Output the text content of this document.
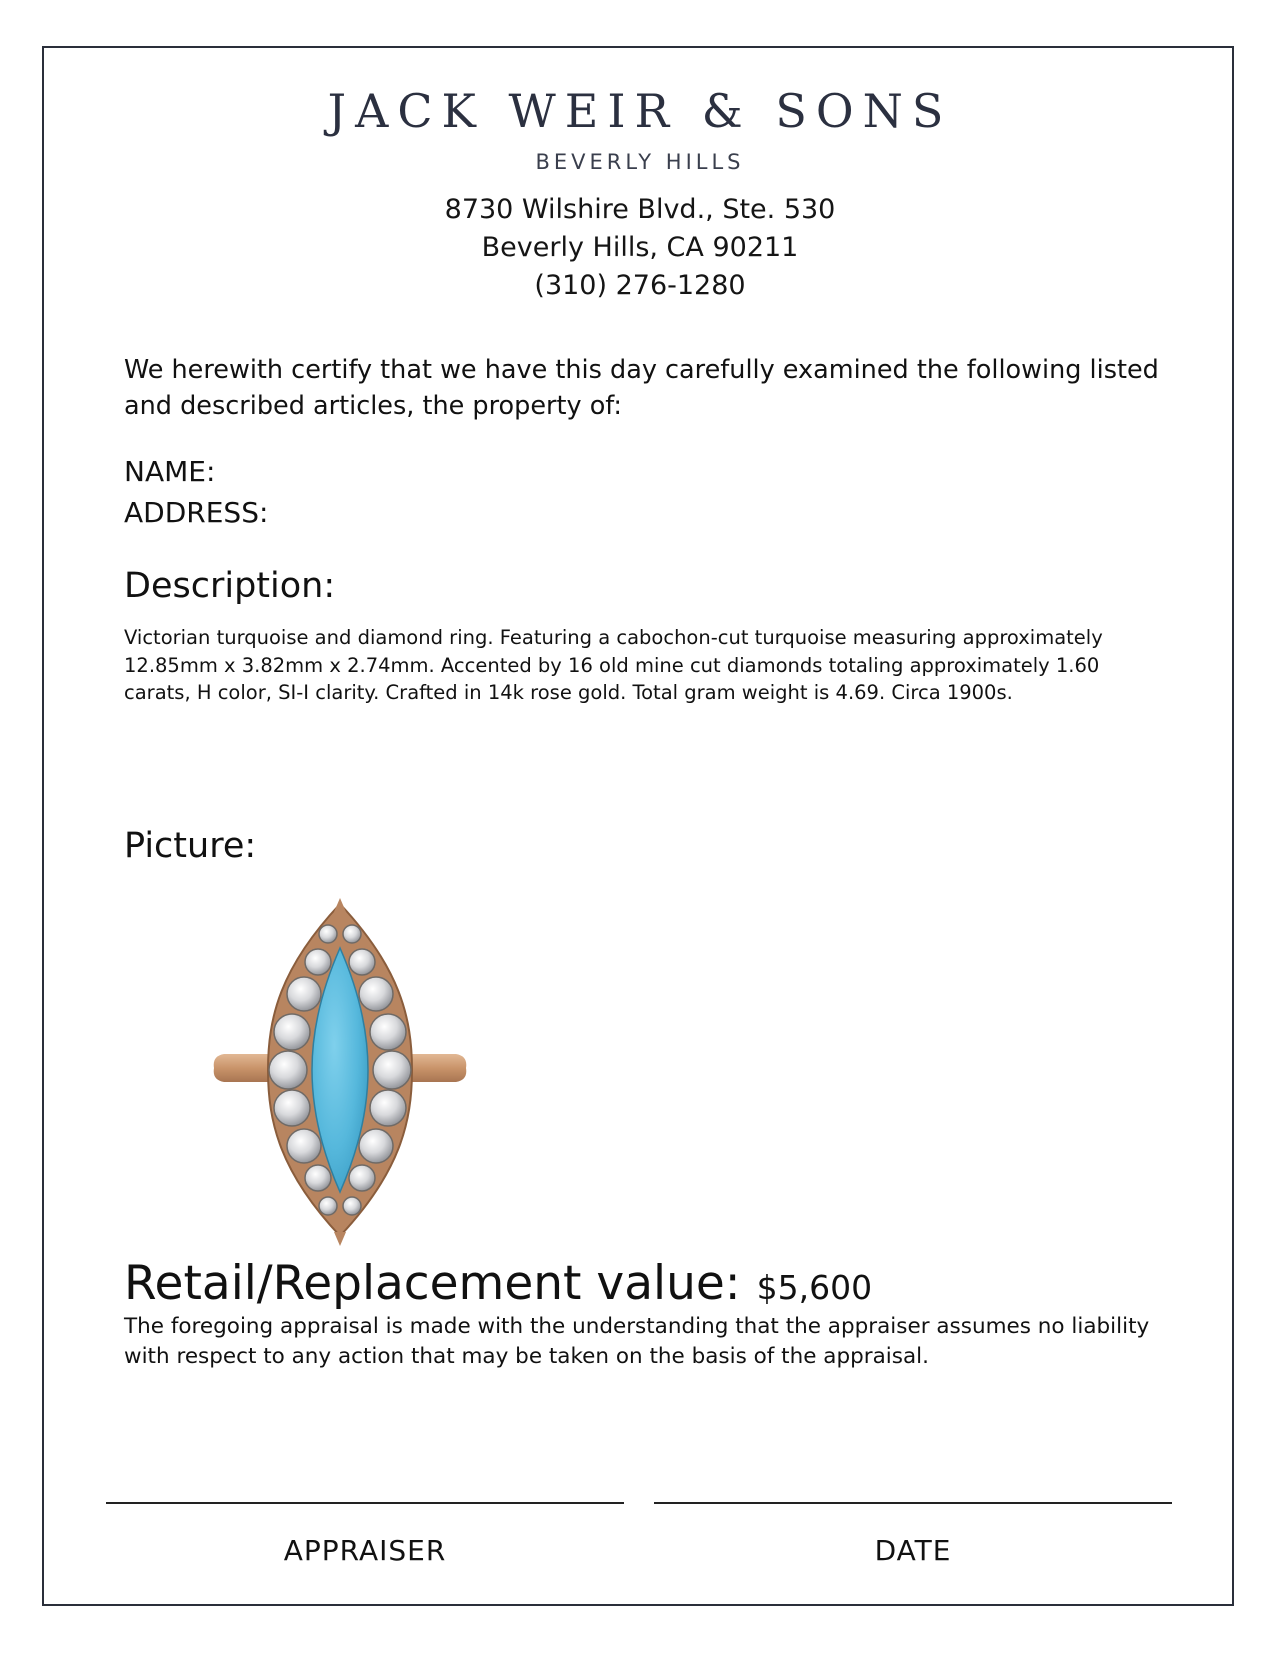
JACK WEIR & SONS
BEVERLY HILLS
8730 Wilshire Blvd., Ste. 530
Beverly Hills, CA 90211
(310) 276-1280
We herewith certify that we have this day carefully examined the following listed and described articles, the property of:
NAME:
ADDRESS:
Description:
Victorian turquoise and diamond ring. Featuring a cabochon-cut turquoise measuring approximately 12.85mm x 3.82mm x 2.74mm. Accented by 16 old mine cut diamonds totaling approximately 1.60 carats, H color, SI-I clarity. Crafted in 14k rose gold. Total gram weight is 4.69. Circa 1900s.
Picture:
Retail/Replacement value: $5,600
The foregoing appraisal is made with the understanding that the appraiser assumes no liability with respect to any action that may be taken on the basis of the appraisal.
APPRAISER	DATE
